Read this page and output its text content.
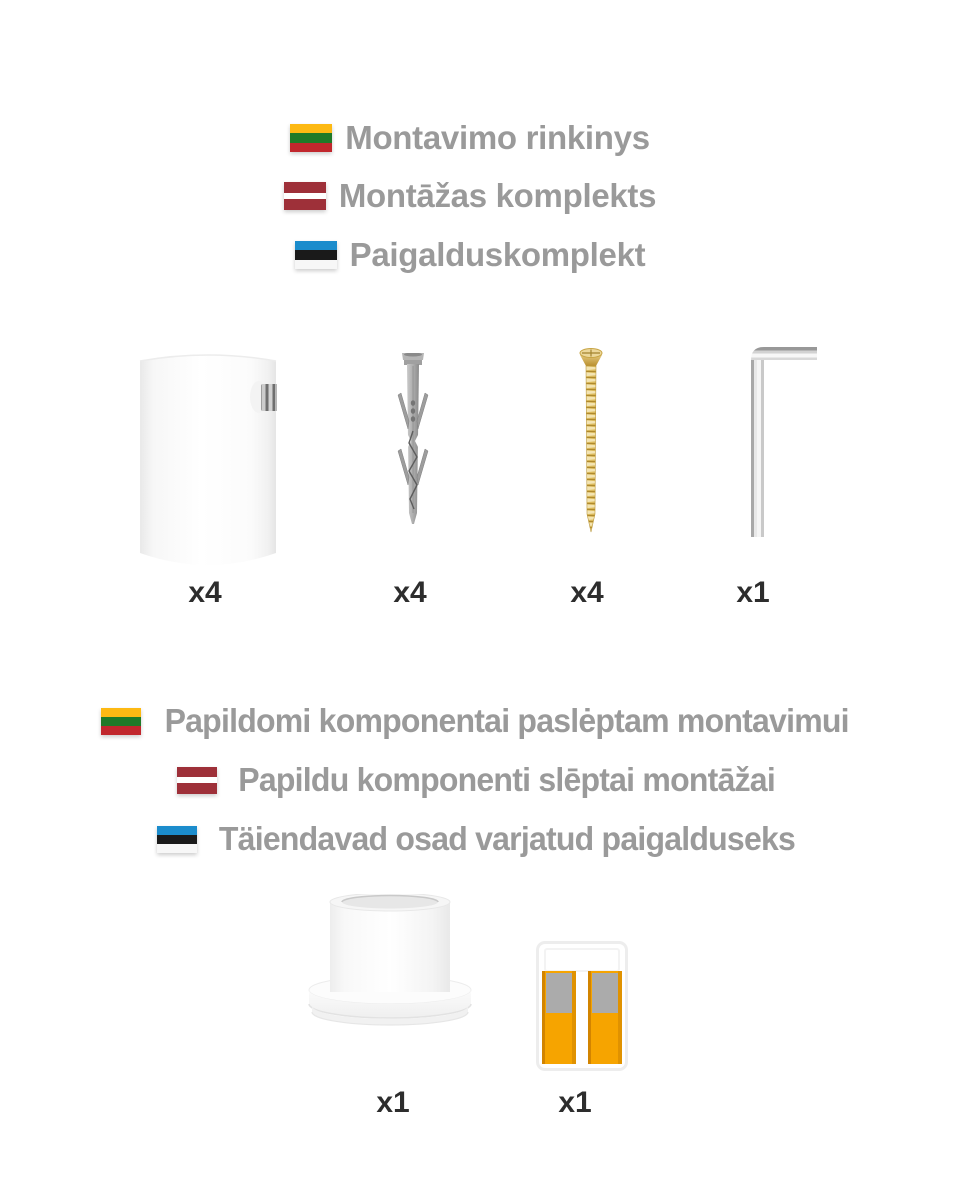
Montavimo rinkinys
Montāžas komplekts
Paigalduskomplekt
x4	x4	x4	x1
Papildomi komponentai paslėptam montavimui
Papildu komponenti slēptai montāžai
Täiendavad osad varjatud paigalduseks
x1	x1
